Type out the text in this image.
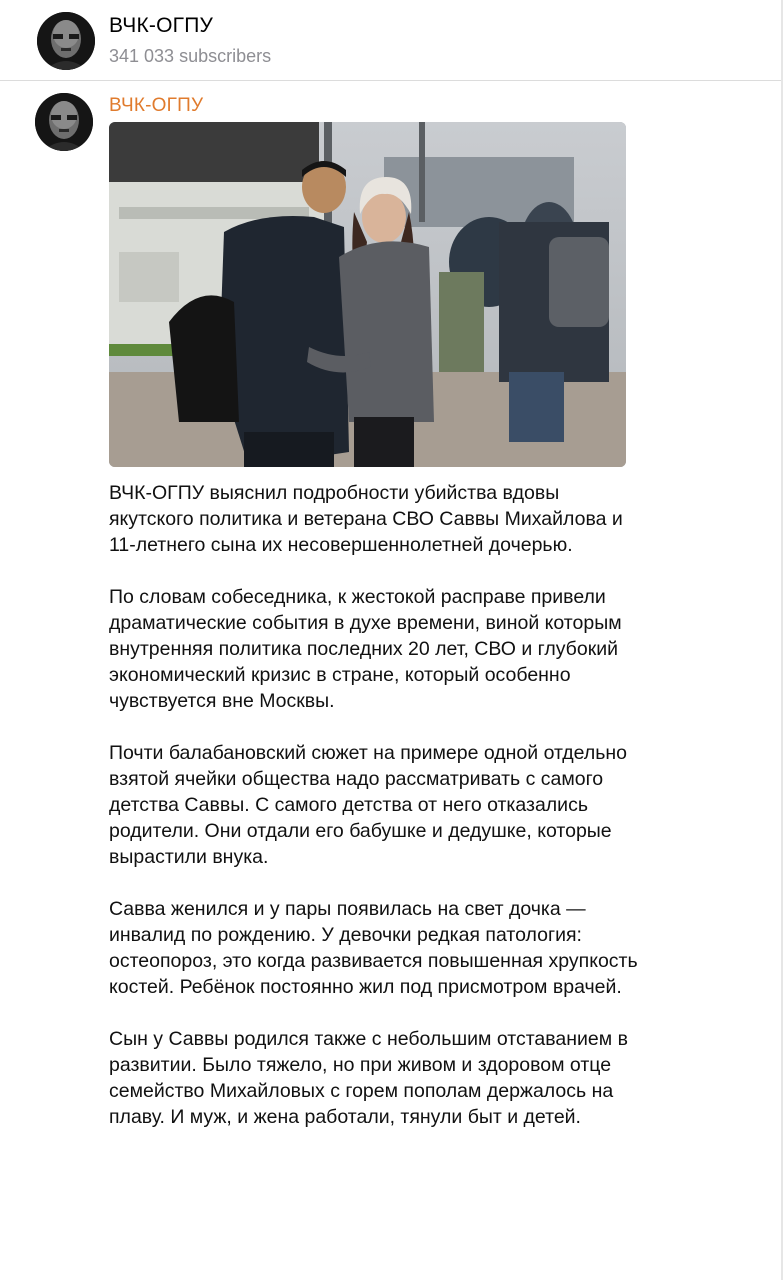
ВЧК-ОГПУ
341 033 subscribers
ВЧК-ОГПУ

ВЧК-ОГПУ выяснил подробности убийства вдовы якутского политика и ветерана СВО Саввы Михайлова и 11-летнего сына их несовершеннолетней дочерью.

По словам собеседника, к жестокой расправе привели драматические события в духе времени, виной которым внутренняя политика последних 20 лет, СВО и глубокий экономический кризис в стране, который особенно чувствуется вне Москвы.

Почти балабановский сюжет на примере одной отдельно взятой ячейки общества надо рассматривать с самого детства Саввы. С самого детства от него отказались родители. Они отдали его бабушке и дедушке, которые вырастили внука.

Савва женился и у пары появилась на свет дочка — инвалид по рождению. У девочки редкая патология: остеопороз, это когда развивается повышенная хрупкость костей. Ребёнок постоянно жил под присмотром врачей.

Сын у Саввы родился также с небольшим отставанием в развитии. Было тяжело, но при живом и здоровом отце семейство Михайловых с горем пополам держалось на плаву. И муж, и жена работали, тянули быт и детей.
